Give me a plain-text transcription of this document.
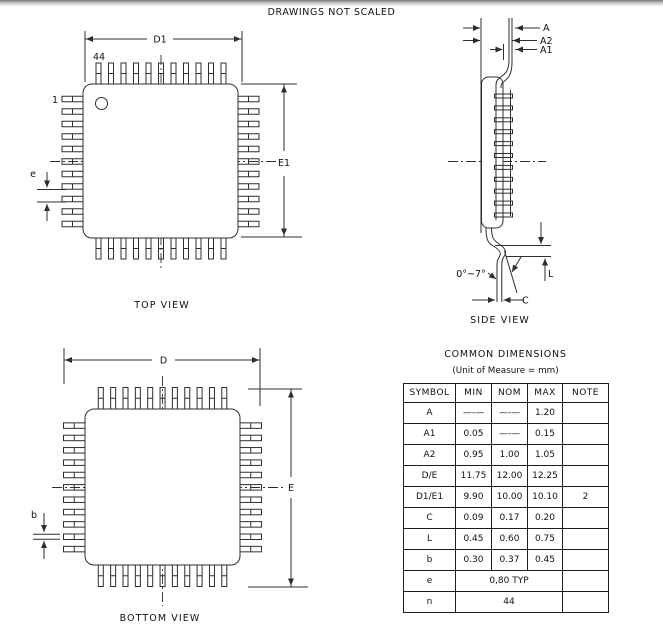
DRAWINGS NOT SCALED
D1
E1
e
44
1
TOP VIEW
L
0°~7°
C
A
A2
A1
SIDE VIEW
D
E
b
BOTTOM VIEW
COMMON DIMENSIONS
(Unit of Measure = mm)
SYMBOL	MIN	NOM	MAX	NOTE
A	—-—	—-—	1.20	
A1	0.05	—-—	0.15	
A2	0.95	1.00	1.05	
D/E	11.75	12.00	12.25	
D1/E1	9.90	10.00	10.10	2
C	0.09	0.17	0.20	
L	0.45	0.60	0.75	
b	0.30	0.37	0.45	
e	0,80 TYP			
n	44			
